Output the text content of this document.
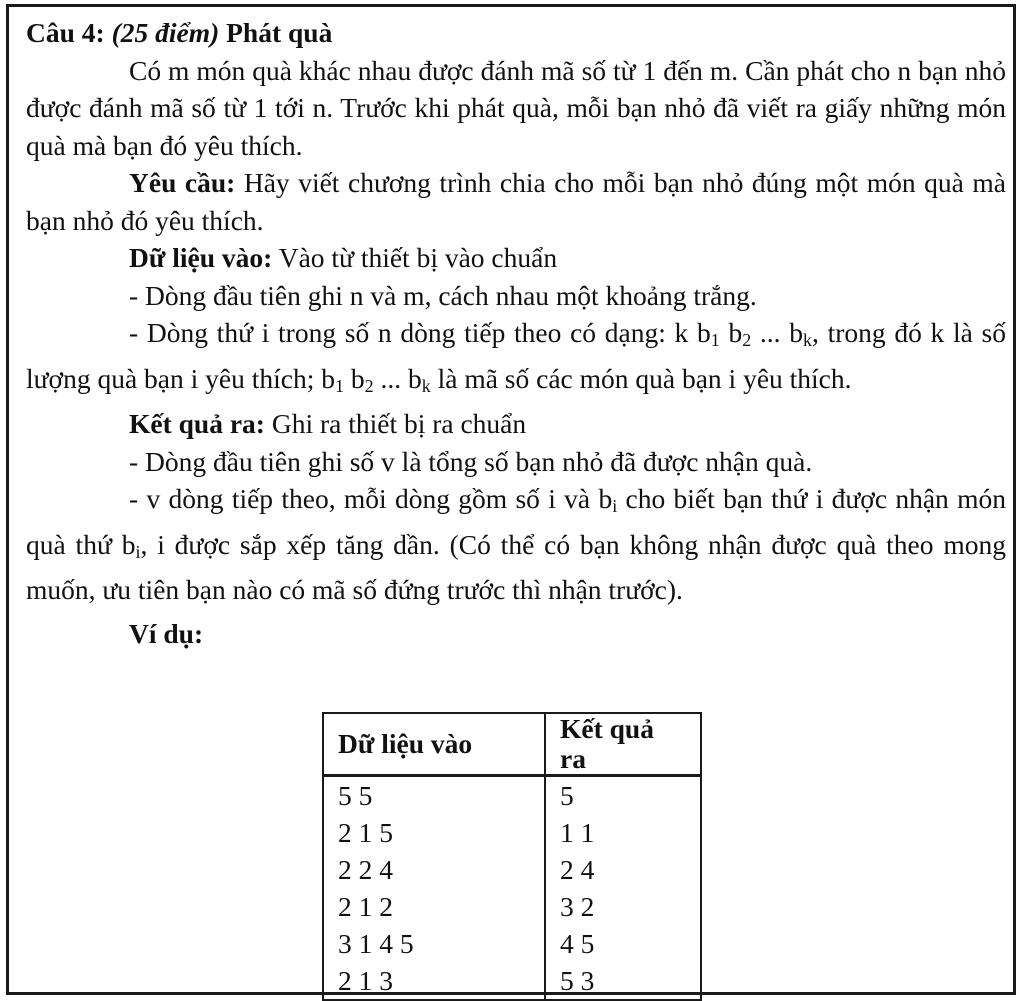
Câu 4: (25 điểm) Phát quà

Có m món quà khác nhau được đánh mã số từ 1 đến m. Cần phát cho n bạn nhỏ được đánh mã số từ 1 tới n. Trước khi phát quà, mỗi bạn nhỏ đã viết ra giấy những món quà mà bạn đó yêu thích.

Yêu cầu: Hãy viết chương trình chia cho mỗi bạn nhỏ đúng một món quà mà bạn nhỏ đó yêu thích.

Dữ liệu vào: Vào từ thiết bị vào chuẩn

- Dòng đầu tiên ghi n và m, cách nhau một khoảng trắng.

- Dòng thứ i trong số n dòng tiếp theo có dạng: k $b_1$ $b_2$ ... $b_k$, trong đó k là số lượng quà bạn i yêu thích; $b_1$ $b_2$ ... $b_k$ là mã số các món quà bạn i yêu thích.

Kết quả ra: Ghi ra thiết bị ra chuẩn

- Dòng đầu tiên ghi số v là tổng số bạn nhỏ đã được nhận quà.

- v dòng tiếp theo, mỗi dòng gồm số i và $b_i$ cho biết bạn thứ i được nhận món quà thứ $b_i$, i được sắp xếp tăng dần. (Có thể có bạn không nhận được quà theo mong muốn, ưu tiên bạn nào có mã số đứng trước thì nhận trước).

Ví dụ:

Dữ liệu vào	Kết quả ra
5 5	5
2 1 5	1 1
2 2 4	2 4
2 1 2	3 2
3 1 4 5	4 5
2 1 3	5 3
